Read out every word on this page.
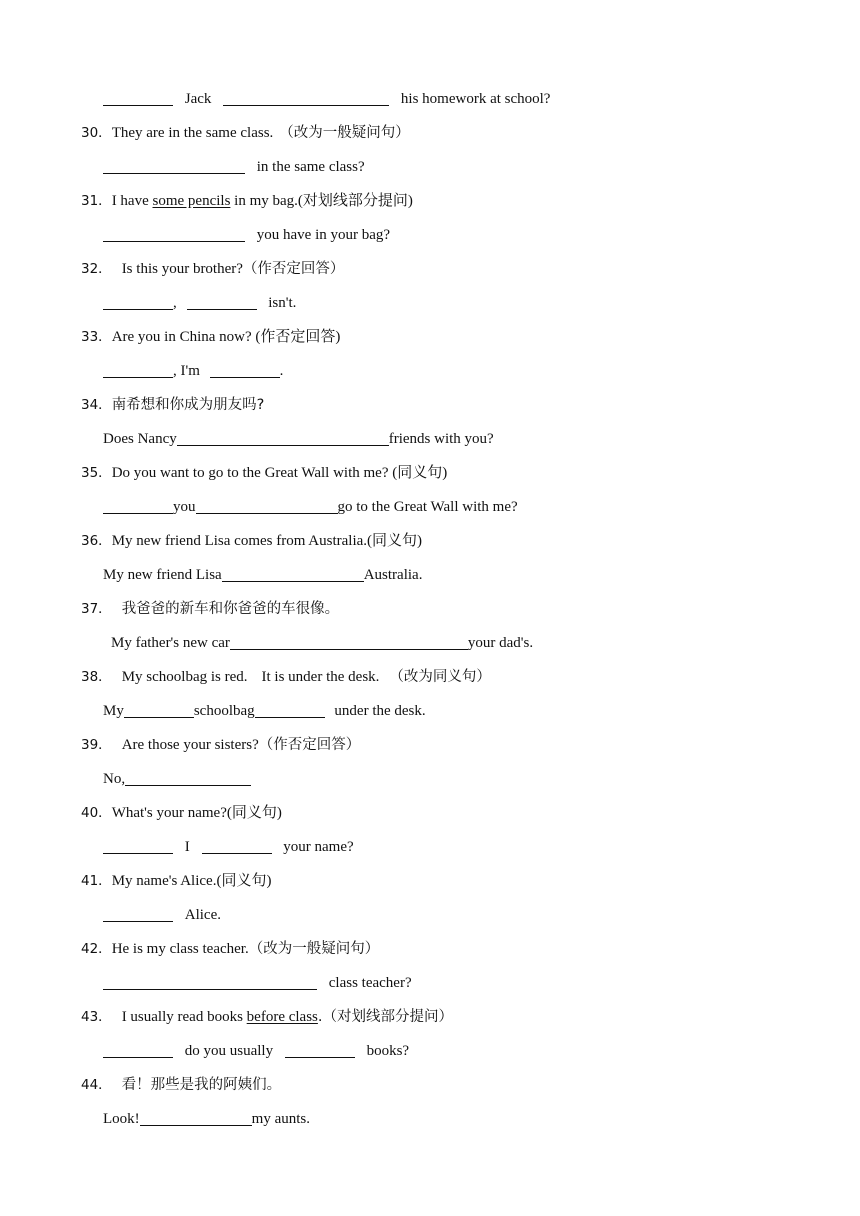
Jack	his homework at school?
30．They are in the same class. （改为一般疑问句）
in the same class?
31．I have some pencils in my bag.(对划线部分提问)
you have in your bag?
32． Is this your brother?（作否定回答）
,	isn't.
33．Are you in China now? (作否定回答)
, I'm	.
34．南希想和你成为朋友吗?
Does Nancy	friends with you?
35．Do you want to go to the Great Wall with me? (同义句)
you	go to the Great Wall with me?
36．My new friend Lisa comes from Australia.(同义句)
My new friend Lisa	Australia.
37． 我爸爸的新车和你爸爸的车很像。
My father's new car	your dad's.
38． My schoolbag is red. It is under the desk. （改为同义句）
My	schoolbag	under the desk.
39． Are those your sisters?（作否定回答）
No,
40．What's your name?(同义句)
I	your name?
41．My name's Alice.(同义句)
Alice.
42．He is my class teacher.（改为一般疑问句）
class teacher?
43． I usually read books before class.（对划线部分提问）
do you usually	books?
44． 看！那些是我的阿姨们。
Look!	my aunts.
